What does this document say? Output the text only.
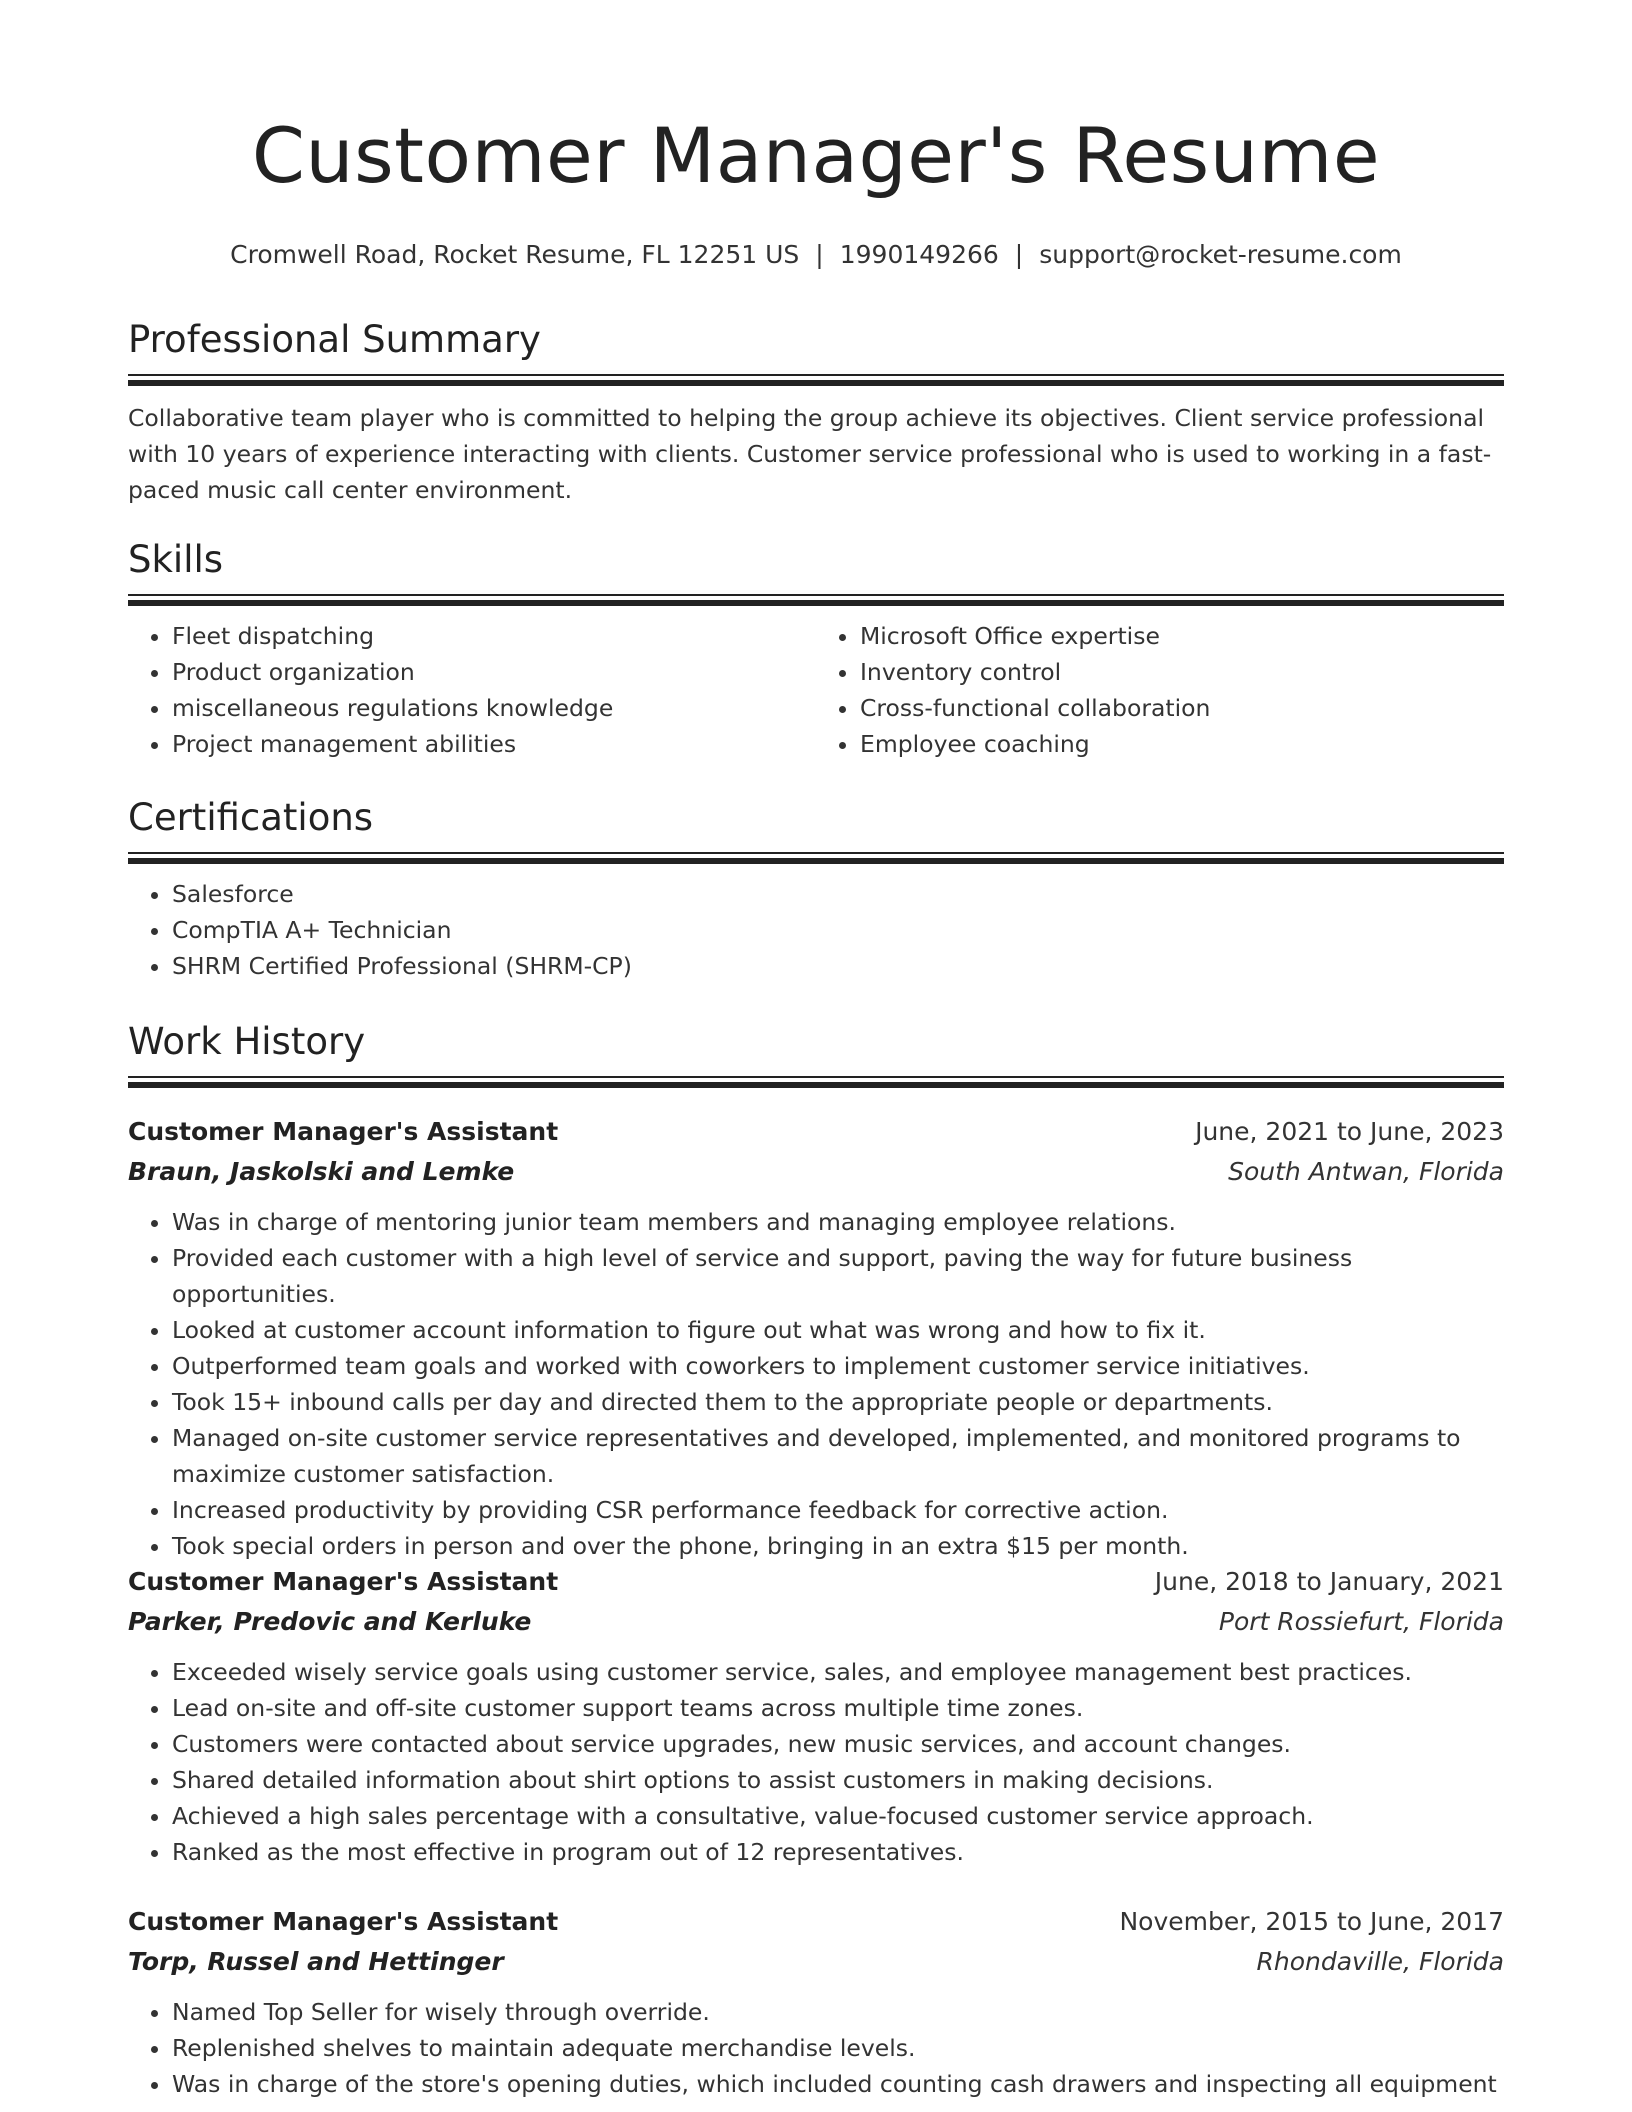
Customer Manager's Resume
Cromwell Road, Rocket Resume, FL 12251 US | 1990149266 | support@rocket-resume.com
Professional Summary

Collaborative team player who is committed to helping the group achieve its objectives. Client service professional with 10 years of experience interacting with clients. Customer service professional who is used to working in a fast-paced music call center environment.

Skills
• Fleet dispatching
• Product organization
• miscellaneous regulations knowledge
• Project management abilities
• Microsoft Office expertise
• Inventory control
• Cross-functional collaboration
• Employee coaching
Certifications
• Salesforce
• CompTIA A+ Technician
• SHRM Certified Professional (SHRM-CP)
Work History
Customer Manager's Assistant	June, 2021 to June, 2023
Braun, Jaskolski and Lemke	South Antwan, Florida
• Was in charge of mentoring junior team members and managing employee relations.
• Provided each customer with a high level of service and support, paving the way for future business opportunities.
• Looked at customer account information to figure out what was wrong and how to fix it.
• Outperformed team goals and worked with coworkers to implement customer service initiatives.
• Took 15+ inbound calls per day and directed them to the appropriate people or departments.
• Managed on-site customer service representatives and developed, implemented, and monitored programs to maximize customer satisfaction.
• Increased productivity by providing CSR performance feedback for corrective action.
• Took special orders in person and over the phone, bringing in an extra $15 per month.
Customer Manager's Assistant	June, 2018 to January, 2021
Parker, Predovic and Kerluke	Port Rossiefurt, Florida
• Exceeded wisely service goals using customer service, sales, and employee management best practices.
• Lead on-site and off-site customer support teams across multiple time zones.
• Customers were contacted about service upgrades, new music services, and account changes.
• Shared detailed information about shirt options to assist customers in making decisions.
• Achieved a high sales percentage with a consultative, value-focused customer service approach.
• Ranked as the most effective in program out of 12 representatives.
Customer Manager's Assistant	November, 2015 to June, 2017
Torp, Russel and Hettinger	Rhondaville, Florida
• Named Top Seller for wisely through override.
• Replenished shelves to maintain adequate merchandise levels.
• Was in charge of the store's opening duties, which included counting cash drawers and inspecting all equipment
